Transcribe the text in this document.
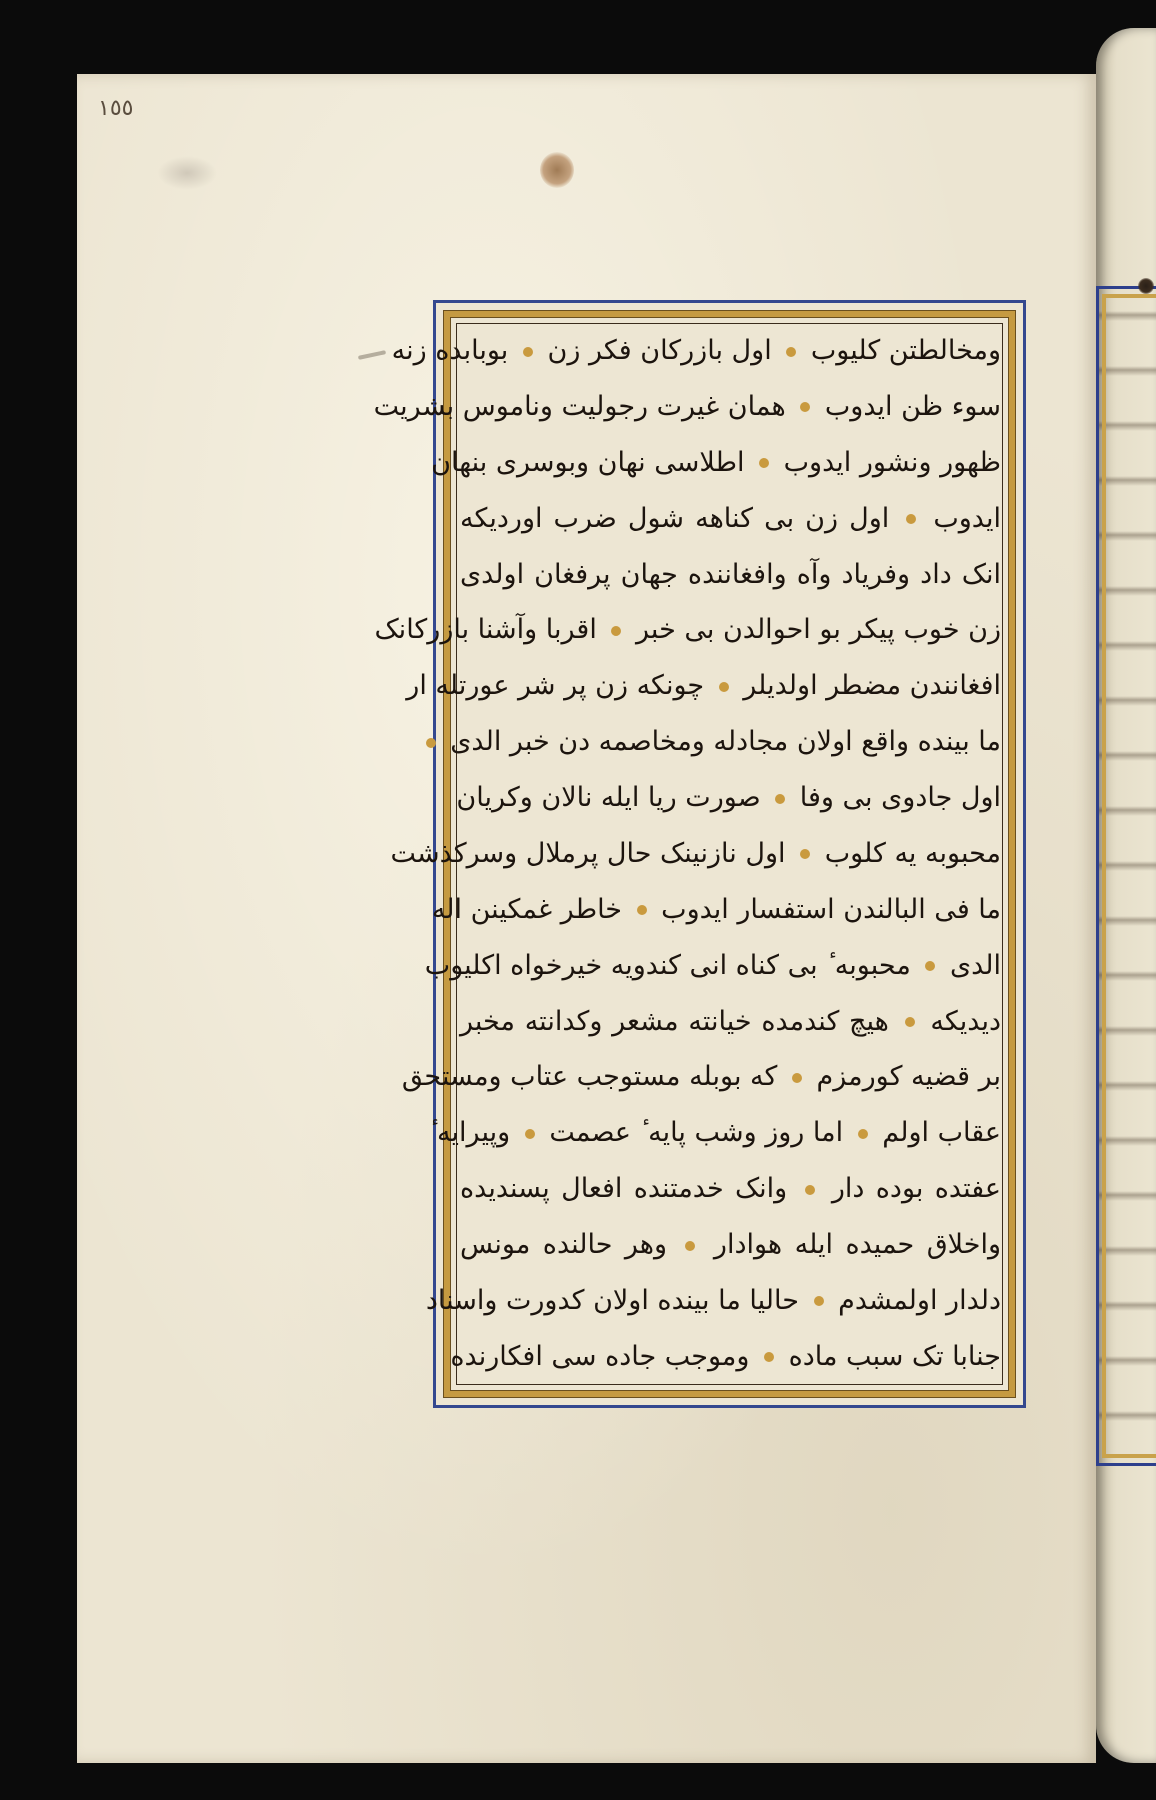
١٥٥
ومخالطتن کلیوب  اول بازرکان فکر زن  بوبابده زنه
سوء ظن ایدوب  همان غیرت رجولیت وناموس بشریت
ظهور ونشور ایدوب  اطلاسی نهان وبوسری بنهان
ایدوب  اول زن بی کناهه شول ضرب اوردیکه
انک داد وفریاد وآه وافغاننده جهان پرفغان اولدی
زن خوب پیکر بو احوالدن بی خبر  اقربا وآشنا بازرکانک
افغانندن مضطر اولدیلر  چونکه زن پر شر عورتله ار
ما بینده واقع اولان مجادله ومخاصمه دن خبر الدی
اول جادوی بی وفا  صورت ریا ایله نالان وکریان
محبوبه یه کلوب  اول نازنینک حال پرملال وسرکذشت
ما فی البالندن استفسار ایدوب  خاطر غمکینن اله
الدی  محبوبه ٔ بی کناه انی کندویه خیرخواه اکلیوب
دیدیکه  هیچ کندمده خیانته مشعر وکدانته مخبر
بر قضیه کورمزم  که بوبله مستوجب عتاب ومستحق
عقاب اولم  اما روز وشب پایه ٔ عصمت  وپیرایه ٔ
عفتده بوده دار  وانک خدمتنده افعال پسندیده
واخلاق حمیده ایله هوادار  وهر حالنده مونس
دلدار اولمشدم  حالیا ما بینده اولان کدورت واسناد
جنابا تک سبب ماده  وموجب جاده سی افکارنده
